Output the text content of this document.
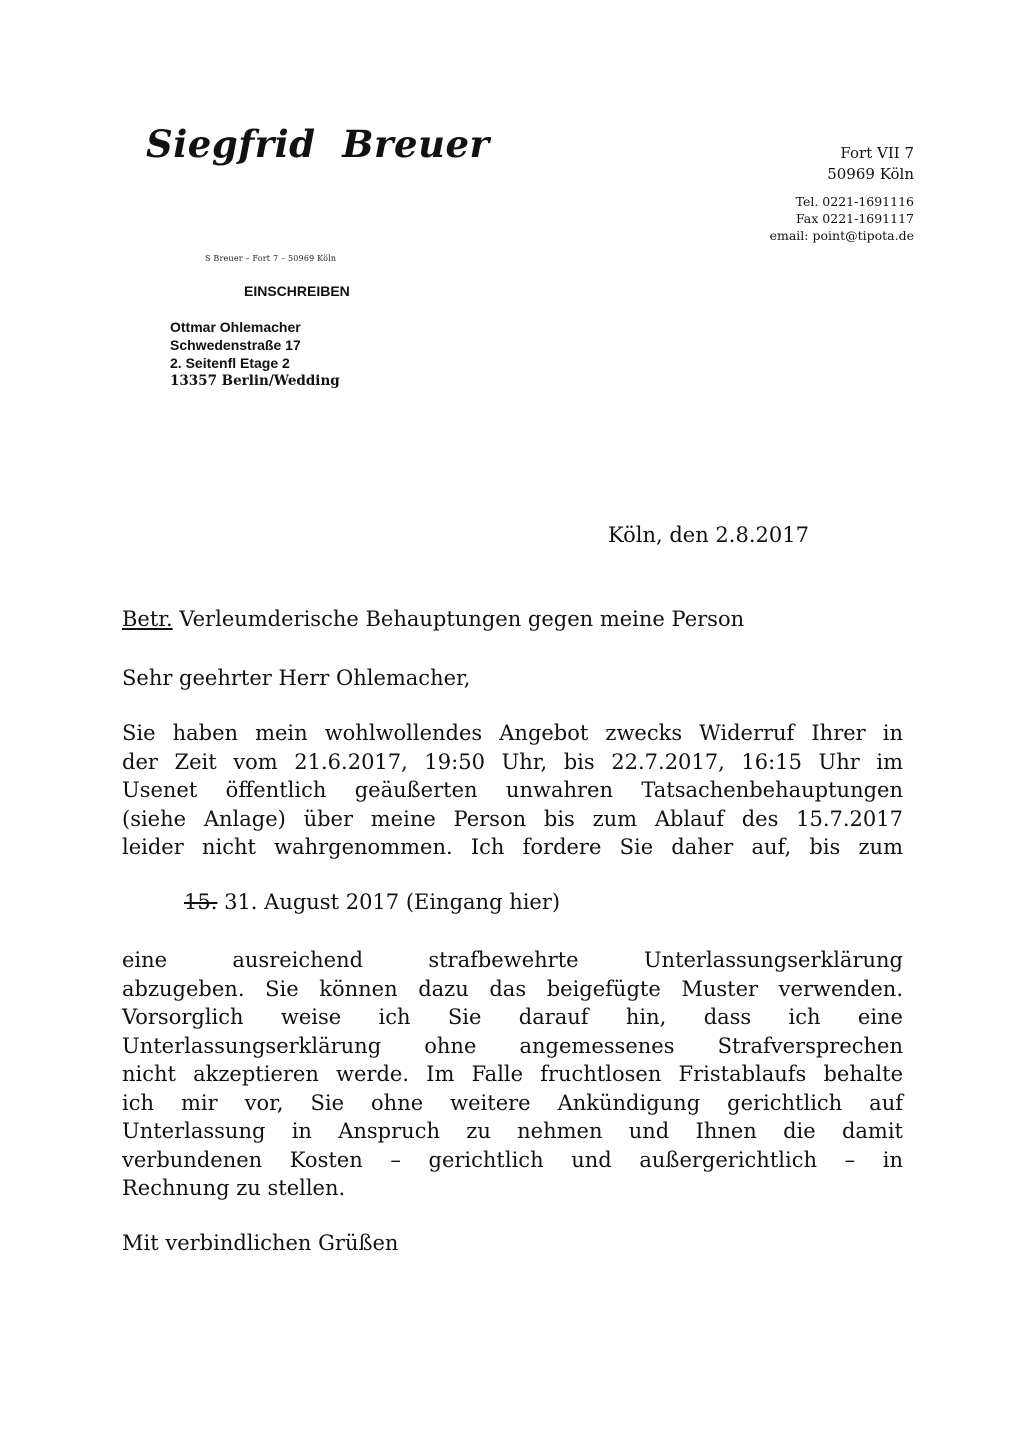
Siegfrid  Breuer	Fort VII 7
50969 Köln
Tel. 0221-1691116
Fax 0221-1691117
email: point@tipota.de
S Breuer – Fort 7 – 50969 Köln
EINSCHREIBEN
Ottmar Ohlemacher
Schwedenstraße 17
2. Seitenfl Etage 2
13357 Berlin/Wedding
Köln, den 2.8.2017
Betr. Verleumderische Behauptungen gegen meine Person
Sehr geehrter Herr Ohlemacher,
Sie haben mein wohlwollendes Angebot zwecks Widerruf Ihrer in
der Zeit vom 21.6.2017, 19:50 Uhr, bis 22.7.2017, 16:15 Uhr im
Usenet öffentlich geäußerten unwahren Tatsachenbehauptungen
(siehe Anlage) über meine Person bis zum Ablauf des 15.7.2017
leider nicht wahrgenommen. Ich fordere Sie daher auf, bis zum
15. 31. August 2017 (Eingang hier)
eine ausreichend strafbewehrte Unterlassungserklärung
abzugeben. Sie können dazu das beigefügte Muster verwenden.
Vorsorglich weise ich Sie darauf hin, dass ich eine
Unterlassungserklärung ohne angemessenes Strafversprechen
nicht akzeptieren werde. Im Falle fruchtlosen Fristablaufs behalte
ich mir vor, Sie ohne weitere Ankündigung gerichtlich auf
Unterlassung in Anspruch zu nehmen und Ihnen die damit
verbundenen Kosten – gerichtlich und außergerichtlich – in
Rechnung zu stellen.
Mit verbindlichen Grüßen
